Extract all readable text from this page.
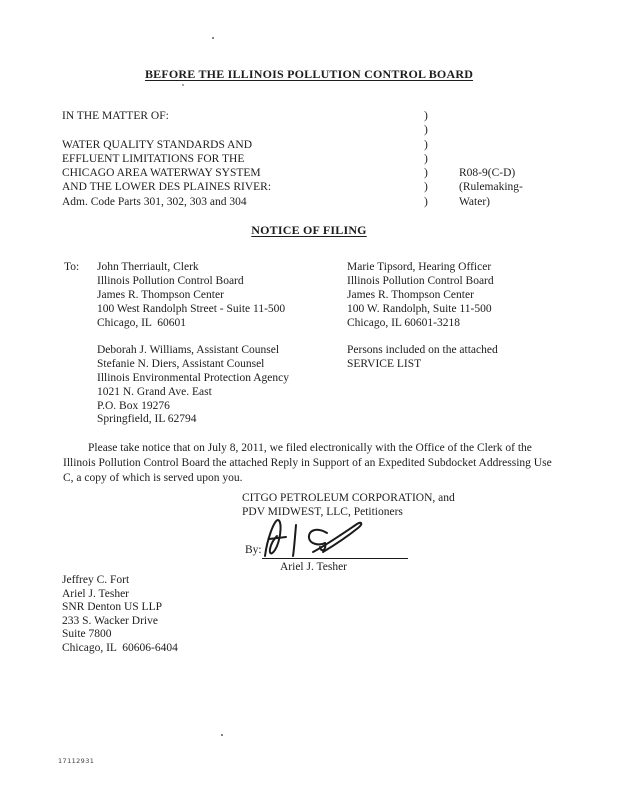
BEFORE THE ILLINOIS POLLUTION CONTROL BOARD
IN THE MATTER OF:
WATER QUALITY STANDARDS AND
EFFLUENT LIMITATIONS FOR THE
CHICAGO AREA WATERWAY SYSTEM
AND THE LOWER DES PLAINES RIVER:
Adm. Code Parts 301, 302, 303 and 304
)
)
)
)
)
)
)
R08-9(C-D)
(Rulemaking-
Water)
NOTICE OF FILING
To: John Therriault, Clerk
Illinois Pollution Control Board
James R. Thompson Center
100 West Randolph Street - Suite 11-500
Chicago, IL  60601
Marie Tipsord, Hearing Officer
Illinois Pollution Control Board
James R. Thompson Center
100 W. Randolph, Suite 11-500
Chicago, IL 60601-3218
Deborah J. Williams, Assistant Counsel
Stefanie N. Diers, Assistant Counsel
Illinois Environmental Protection Agency
1021 N. Grand Ave. East
P.O. Box 19276
Springfield, IL 62794
Persons included on the attached
SERVICE LIST
Please take notice that on July 8, 2011, we filed electronically with the Office of the Clerk of the Illinois Pollution Control Board the attached Reply in Support of an Expedited Subdocket Addressing Use C, a copy of which is served upon you.
CITGO PETROLEUM CORPORATION, and
PDV MIDWEST, LLC, Petitioners
By:
Ariel J. Tesher
Jeffrey C. Fort
Ariel J. Tesher
SNR Denton US LLP
233 S. Wacker Drive
Suite 7800
Chicago, IL  60606-6404
17112931
